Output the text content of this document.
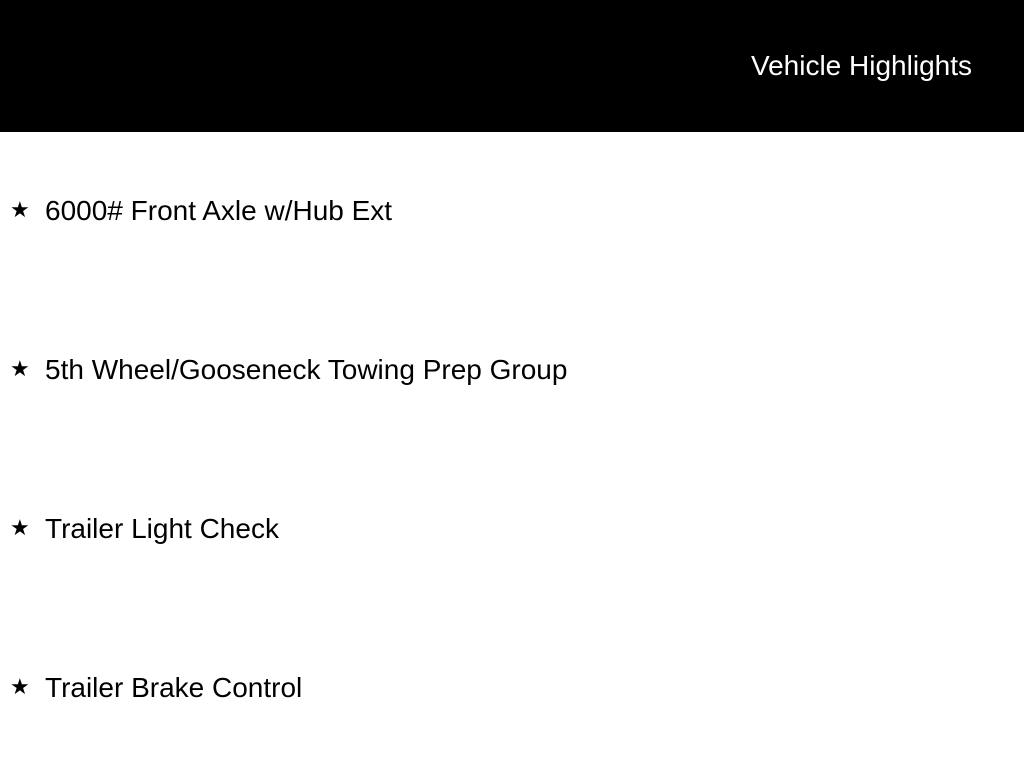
Vehicle Highlights
★ 6000# Front Axle w/Hub Ext
★ 5th Wheel/Gooseneck Towing Prep Group
★ Trailer Light Check
★ Trailer Brake Control
